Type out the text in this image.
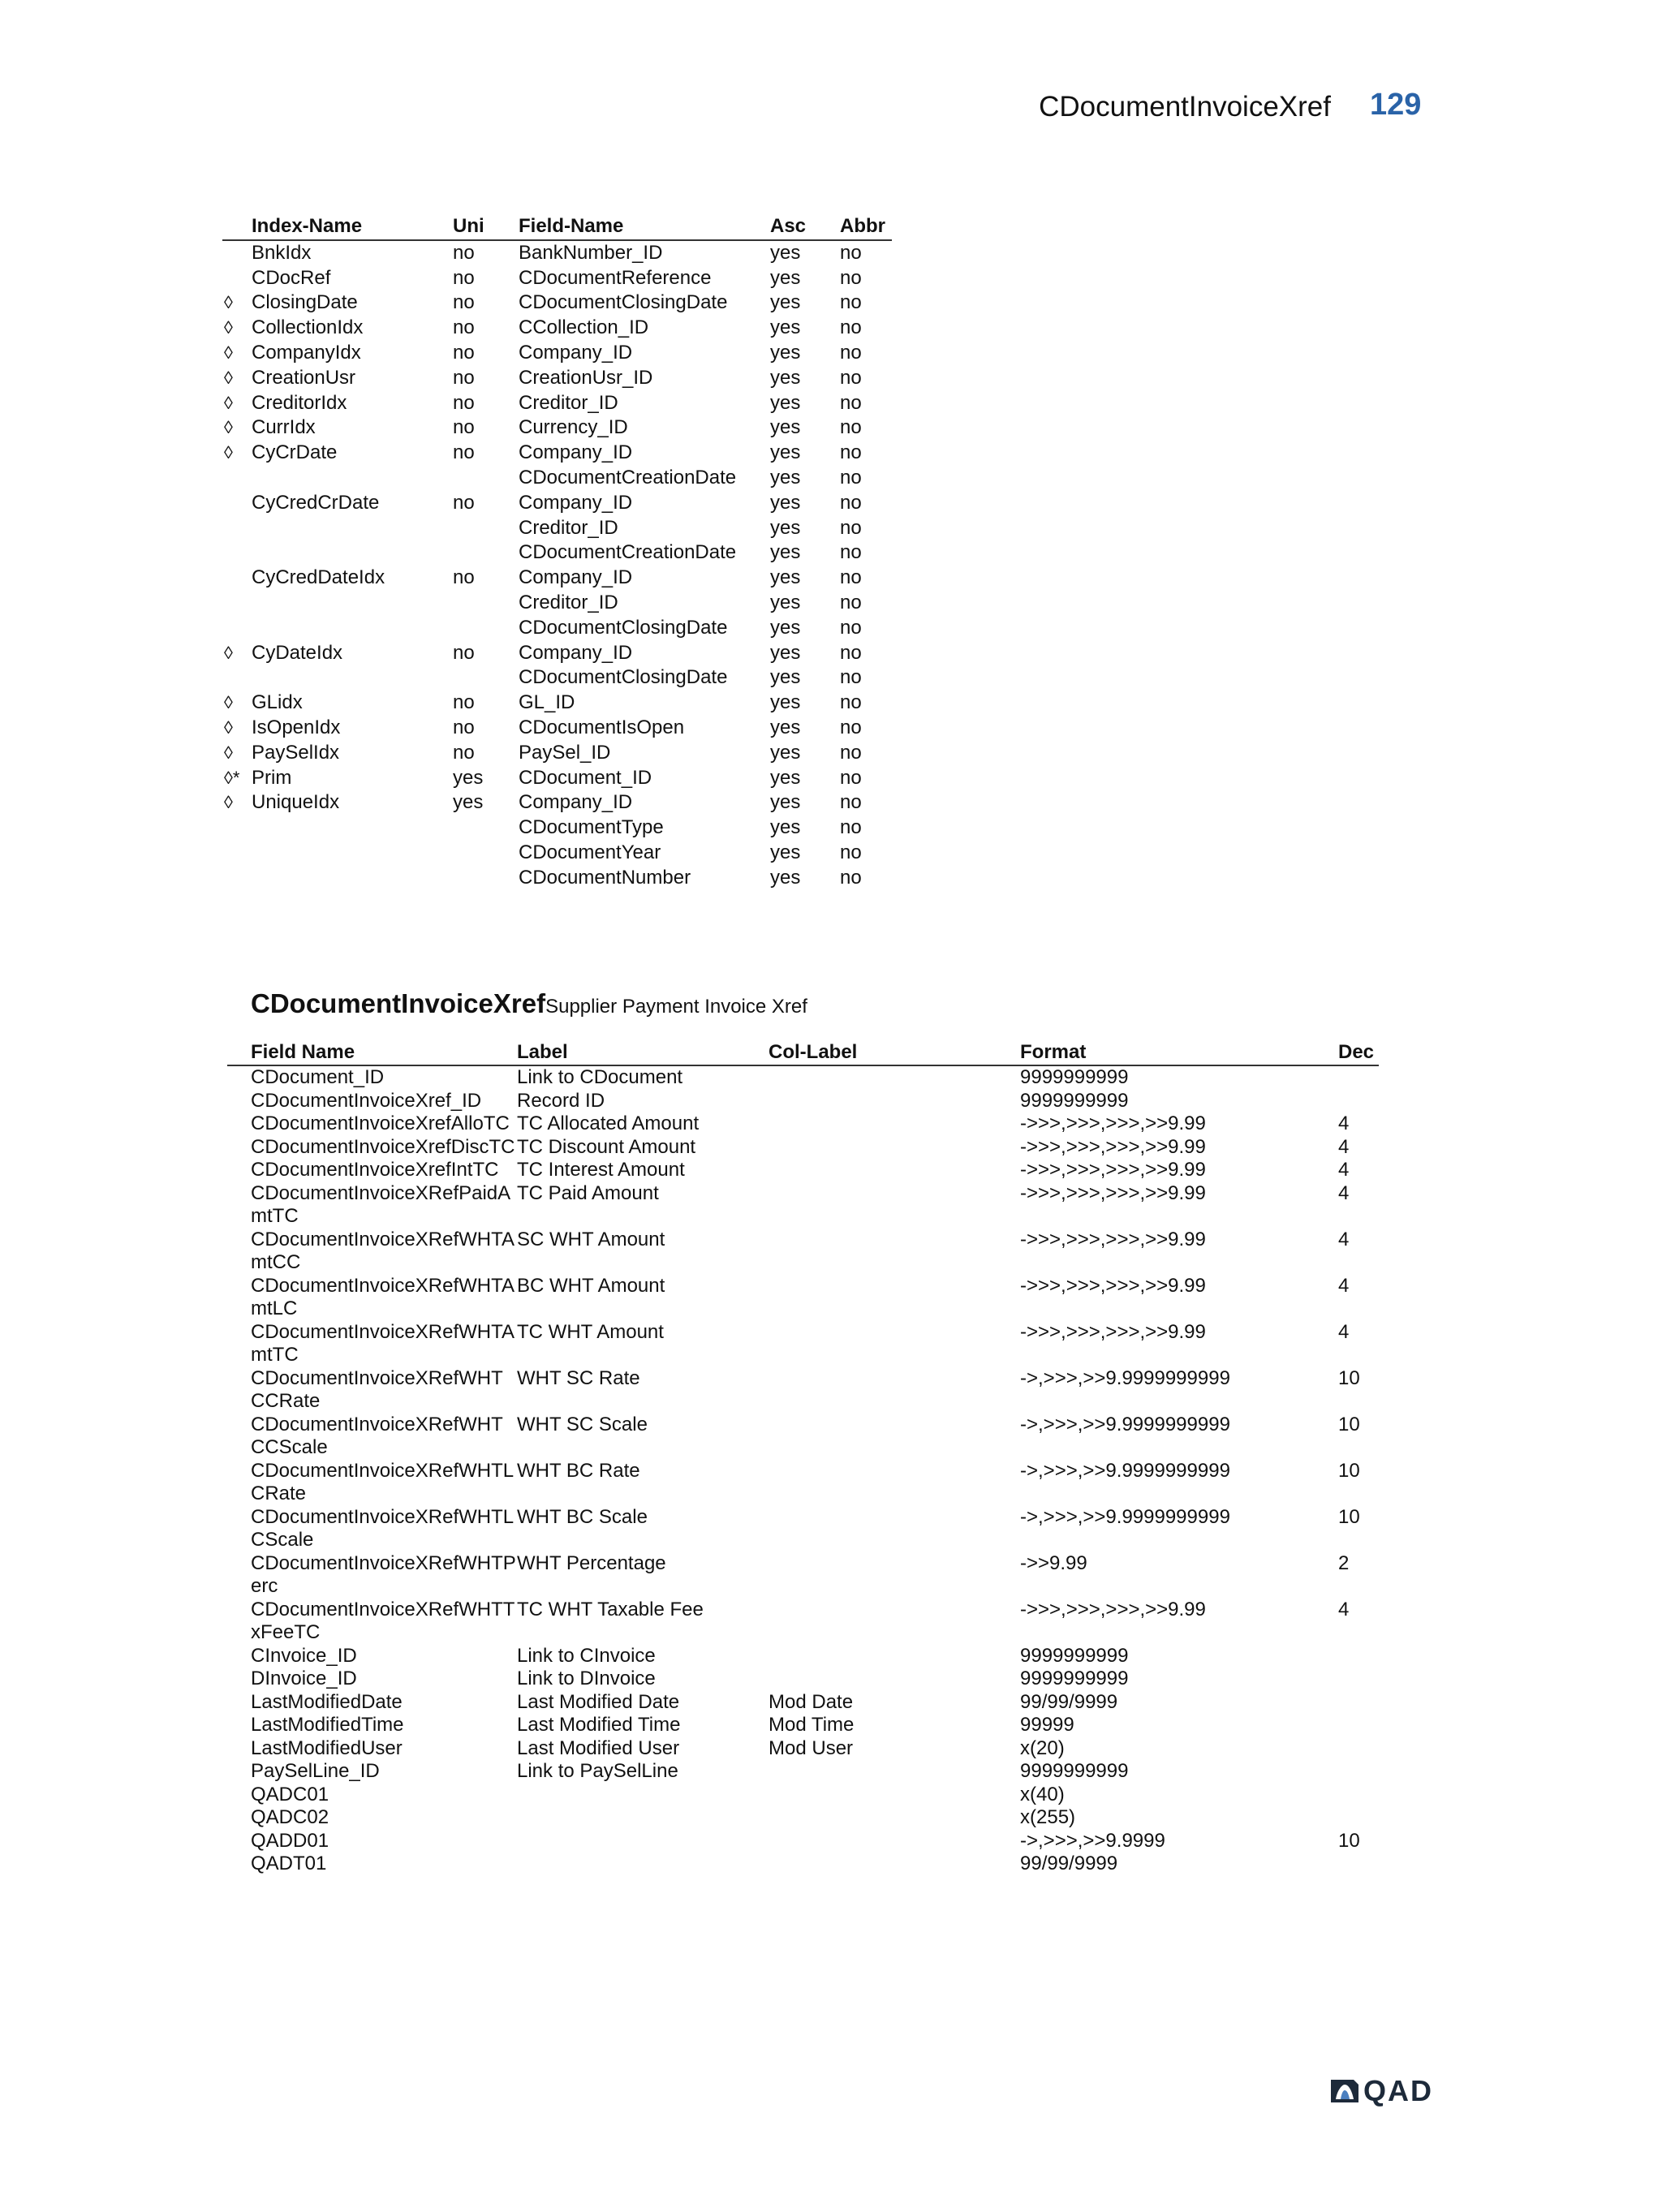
CDocumentInvoiceXref 129
	Index-Name	Uni	Field-Name	Asc	Abbr
	BnkIdx	no	BankNumber_ID	yes	no
	CDocRef	no	CDocumentReference	yes	no
◊	ClosingDate	no	CDocumentClosingDate	yes	no
◊	CollectionIdx	no	CCollection_ID	yes	no
◊	CompanyIdx	no	Company_ID	yes	no
◊	CreationUsr	no	CreationUsr_ID	yes	no
◊	CreditorIdx	no	Creditor_ID	yes	no
◊	CurrIdx	no	Currency_ID	yes	no
◊	CyCrDate	no	Company_ID	yes	no
			CDocumentCreationDate	yes	no
	CyCredCrDate	no	Company_ID	yes	no
			Creditor_ID	yes	no
			CDocumentCreationDate	yes	no
	CyCredDateIdx	no	Company_ID	yes	no
			Creditor_ID	yes	no
			CDocumentClosingDate	yes	no
◊	CyDateIdx	no	Company_ID	yes	no
			CDocumentClosingDate	yes	no
◊	GLidx	no	GL_ID	yes	no
◊	IsOpenIdx	no	CDocumentIsOpen	yes	no
◊	PaySelIdx	no	PaySel_ID	yes	no
◊*	Prim	yes	CDocument_ID	yes	no
◊	UniqueIdx	yes	Company_ID	yes	no
			CDocumentType	yes	no
			CDocumentYear	yes	no
			CDocumentNumber	yes	no
CDocumentInvoiceXrefSupplier Payment Invoice Xref
Field Name	Label	Col-Label	Format	Dec

CDocument_ID	Link to CDocument		9999999999	

CDocumentInvoiceXref_ID	Record ID		9999999999	

CDocumentInvoiceXrefAlloTC	TC Allocated Amount		->>>,>>>,>>>,>>9.99	4

CDocumentInvoiceXrefDiscTC	TC Discount Amount		->>>,>>>,>>>,>>9.99	4

CDocumentInvoiceXrefIntTC	TC Interest Amount		->>>,>>>,>>>,>>9.99	4

CDocumentInvoiceXRefPaidAmtTC	TC Paid Amount		->>>,>>>,>>>,>>9.99	4

CDocumentInvoiceXRefWHTAmtCC	SC WHT Amount		->>>,>>>,>>>,>>9.99	4

CDocumentInvoiceXRefWHTAmtLC	BC WHT Amount		->>>,>>>,>>>,>>9.99	4

CDocumentInvoiceXRefWHTAmtTC	TC WHT Amount		->>>,>>>,>>>,>>9.99	4

CDocumentInvoiceXRefWHTCCRate	WHT SC Rate		->,>>>,>>9.9999999999	10

CDocumentInvoiceXRefWHTCCScale	WHT SC Scale		->,>>>,>>9.9999999999	10

CDocumentInvoiceXRefWHTLCRate	WHT BC Rate		->,>>>,>>9.9999999999	10

CDocumentInvoiceXRefWHTLCScale	WHT BC Scale		->,>>>,>>9.9999999999	10

CDocumentInvoiceXRefWHTPerc	WHT Percentage		->>9.99	2

CDocumentInvoiceXRefWHTTxFeeTC	TC WHT Taxable Fee		->>>,>>>,>>>,>>9.99	4

CInvoice_ID	Link to CInvoice		9999999999	

DInvoice_ID	Link to DInvoice		9999999999	

LastModifiedDate	Last Modified Date	Mod Date	99/99/9999	

LastModifiedTime	Last Modified Time	Mod Time	99999	

LastModifiedUser	Last Modified User	Mod User	x(20)	

PaySelLine_ID	Link to PaySelLine		9999999999	

QADC01			x(40)	

QADC02			x(255)	

QADD01			->,>>>,>>9.9999	10

QADT01			99/99/9999	
QAD
